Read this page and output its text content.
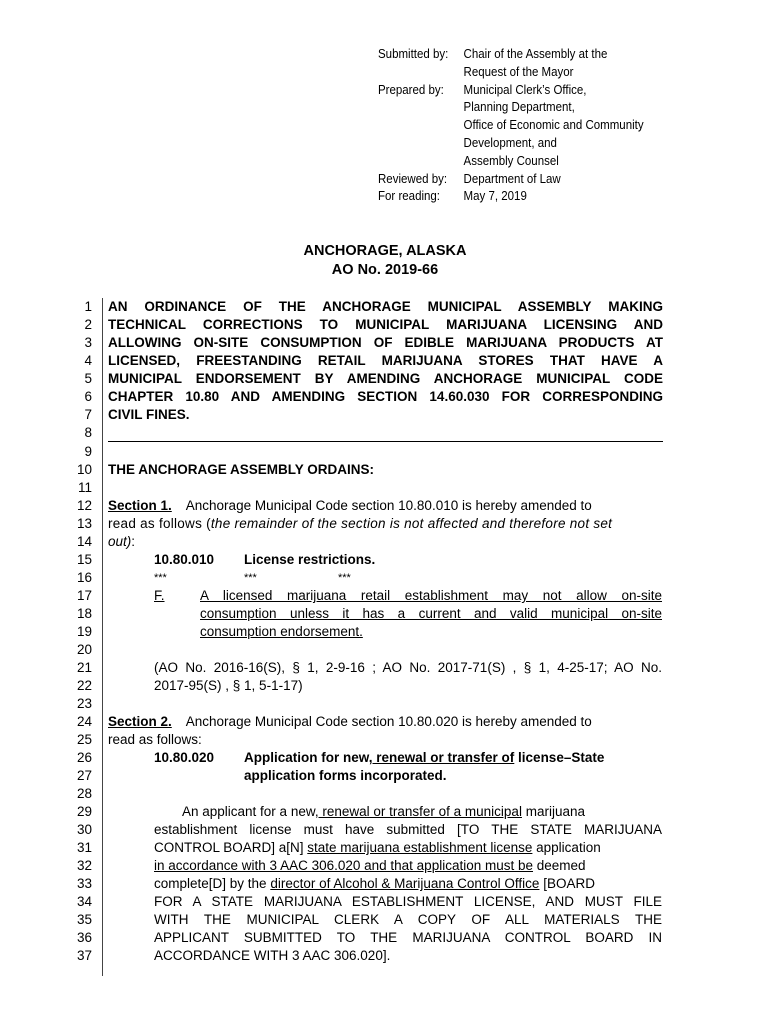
Submitted by:	Chair of the Assembly at the
Request of the Mayor
Prepared by:	Municipal Clerk’s Office,
Planning Department,
Office of Economic and Community
Development, and
Assembly Counsel
Reviewed by:	Department of Law
For reading:	May 7, 2019
ANCHORAGE, ALASKA
AO No. 2019-66
1
2
3
4
5
6
7
8
9
10
11
12
13
14
15
16
17
18
19
20
21
22
23
24
25
26
27
28
29
30
31
32
33
34
35
36
37
AN ORDINANCE OF THE ANCHORAGE MUNICIPAL ASSEMBLY MAKING
TECHNICAL CORRECTIONS TO MUNICIPAL MARIJUANA LICENSING AND
ALLOWING ON-SITE CONSUMPTION OF EDIBLE MARIJUANA PRODUCTS AT
LICENSED, FREESTANDING RETAIL MARIJUANA STORES THAT HAVE A
MUNICIPAL ENDORSEMENT BY AMENDING ANCHORAGE MUNICIPAL CODE
CHAPTER 10.80 AND AMENDING SECTION 14.60.030 FOR CORRESPONDING
CIVIL FINES.
THE ANCHORAGE ASSEMBLY ORDAINS:
Section 1. Anchorage Municipal Code section 10.80.010 is hereby amended to
read as follows (the remainder of the section is not affected and therefore not set
out):
10.80.010	License restrictions.
***	***	***
F.	A licensed marijuana retail establishment may not allow on-site
consumption unless it has a current and valid municipal on-site
consumption endorsement.
(AO No. 2016-16(S), § 1, 2-9-16 ; AO No. 2017-71(S) , § 1, 4-25-17; AO No.
2017-95(S) , § 1, 5-1-17)
Section 2. Anchorage Municipal Code section 10.80.020 is hereby amended to
read as follows:
10.80.020	Application for new, renewal or transfer of license–State
application forms incorporated.
An applicant for a new, renewal or transfer of a municipal marijuana
establishment license must have submitted [TO THE STATE MARIJUANA
CONTROL BOARD] a[N] state marijuana establishment license application
in accordance with 3 AAC 306.020 and that application must be deemed
complete[D] by the director of Alcohol & Marijuana Control Office [BOARD
FOR A STATE MARIJUANA ESTABLISHMENT LICENSE, AND MUST FILE
WITH THE MUNICIPAL CLERK A COPY OF ALL MATERIALS THE
APPLICANT SUBMITTED TO THE MARIJUANA CONTROL BOARD IN
ACCORDANCE WITH 3 AAC 306.020].
